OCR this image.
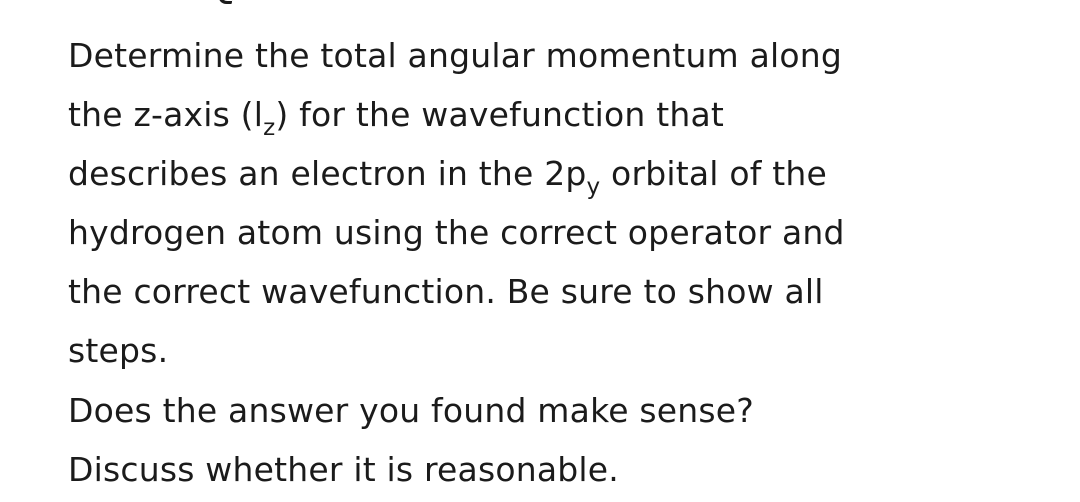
Determine the total angular momentum along
the z-axis $(l_z)$ for the wavefunction that
describes an electron in the $2p_y$ orbital of the
hydrogen atom using the correct operator and
the correct wavefunction. Be sure to show all
steps.
Does the answer you found make sense?
Discuss whether it is reasonable.
